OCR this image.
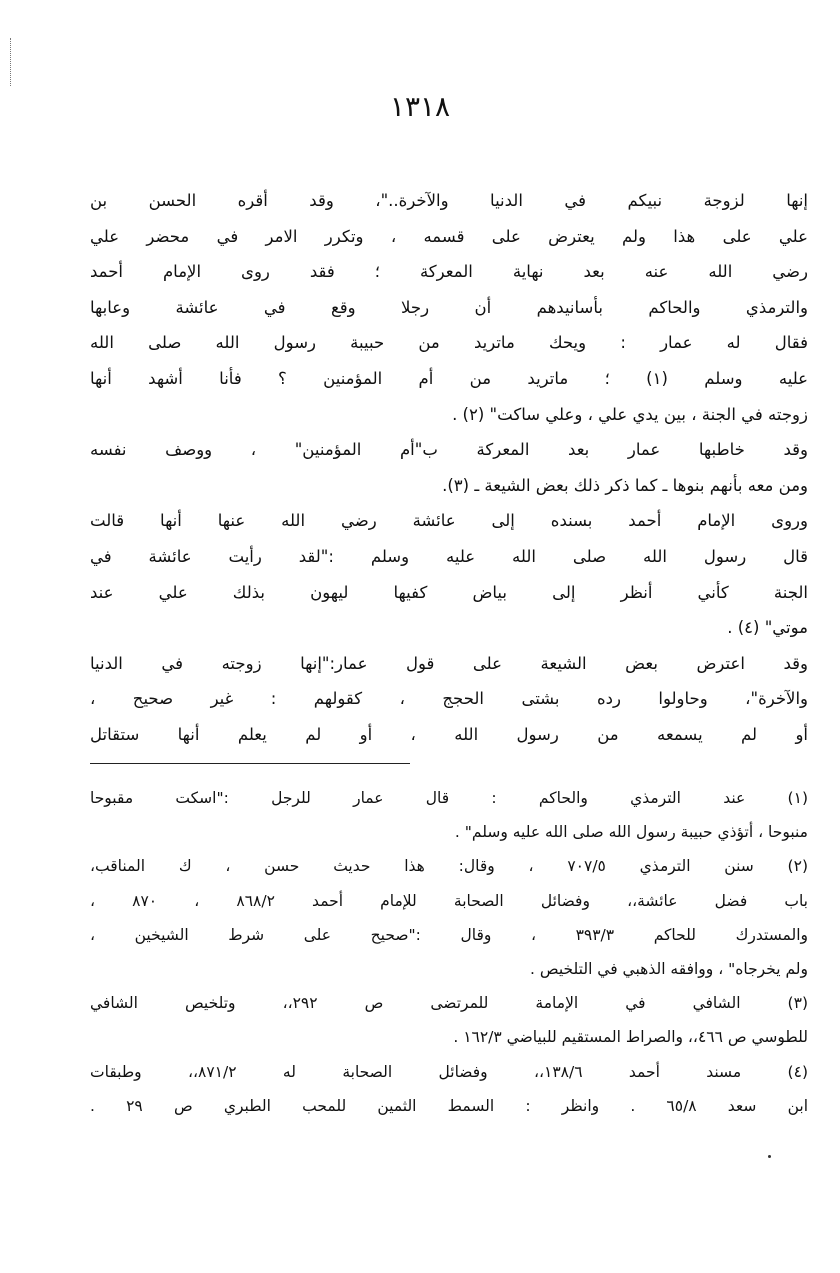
١٣١٨
إنها لزوجة نبيكم في الدنيا والآخرة.."، وقد أقره الحسن بن
علي على هذا ولم يعترض على قسمه ، وتكرر الامر في محضر علي
رضي الله عنه بعد نهاية المعركة ؛ فقد روى الإمام أحمد
والترمذي والحاكم بأسانيدهم أن رجلا وقع في عائشة وعابها
فقال له عمار : ويحك ماتريد من حبيبة رسول الله صلى الله
عليه وسلم (١) ؛ ماتريد من أم المؤمنين ؟ فأنا أشهد أنها
زوجته في الجنة ، بين يدي علي ، وعلي ساكت" (٢) .
وقد خاطبها عمار بعد المعركة ب"أم المؤمنين" ، ووصف نفسه
ومن معه بأنهم بنوها ـ كما ذكر ذلك بعض الشيعة ـ (٣).
وروى الإمام أحمد بسنده إلى عائشة رضي الله عنها أنها قالت
قال رسول الله صلى الله عليه وسلم :"لقد رأيت عائشة في
الجنة كأني أنظر إلى بياض كفيها ليهون بذلك علي عند
موتي" (٤) .
وقد اعترض بعض الشيعة على قول عمار:"إنها زوجته في الدنيا
والآخرة"، وحاولوا رده بشتى الحجج ، كقولهم : غير صحيح ،
أو لم يسمعه من رسول الله ، أو لم يعلم أنها ستقاتل
(١) عند الترمذي والحاكم : قال عمار للرجل :"اسكت مقبوحا
منبوحا ، أتؤذي حبيبة رسول الله صلى الله عليه وسلم" .
(٢) سنن الترمذي ٧٠٧/٥ ، وقال: هذا حديث حسن ، ك المناقب،
باب فضل عائشة،، وفضائل الصحابة للإمام أحمد ٨٦٨/٢ ، ٨٧٠ ،
والمستدرك للحاكم ٣٩٣/٣ ، وقال :"صحيح على شرط الشيخين ،
ولم يخرجاه" ، ووافقه الذهبي في التلخيص .
(٣) الشافي في الإمامة للمرتضى ص ٢٩٢،، وتلخيص الشافي
للطوسي ص ٤٦٦،، والصراط المستقيم للبياضي ١٦٢/٣ .
(٤) مسند أحمد ١٣٨/٦،، وفضائل الصحابة له ٨٧١/٢،، وطبقات
ابن سعد ٦٥/٨ . وانظر : السمط الثمين للمحب الطبري ص ٢٩ .
